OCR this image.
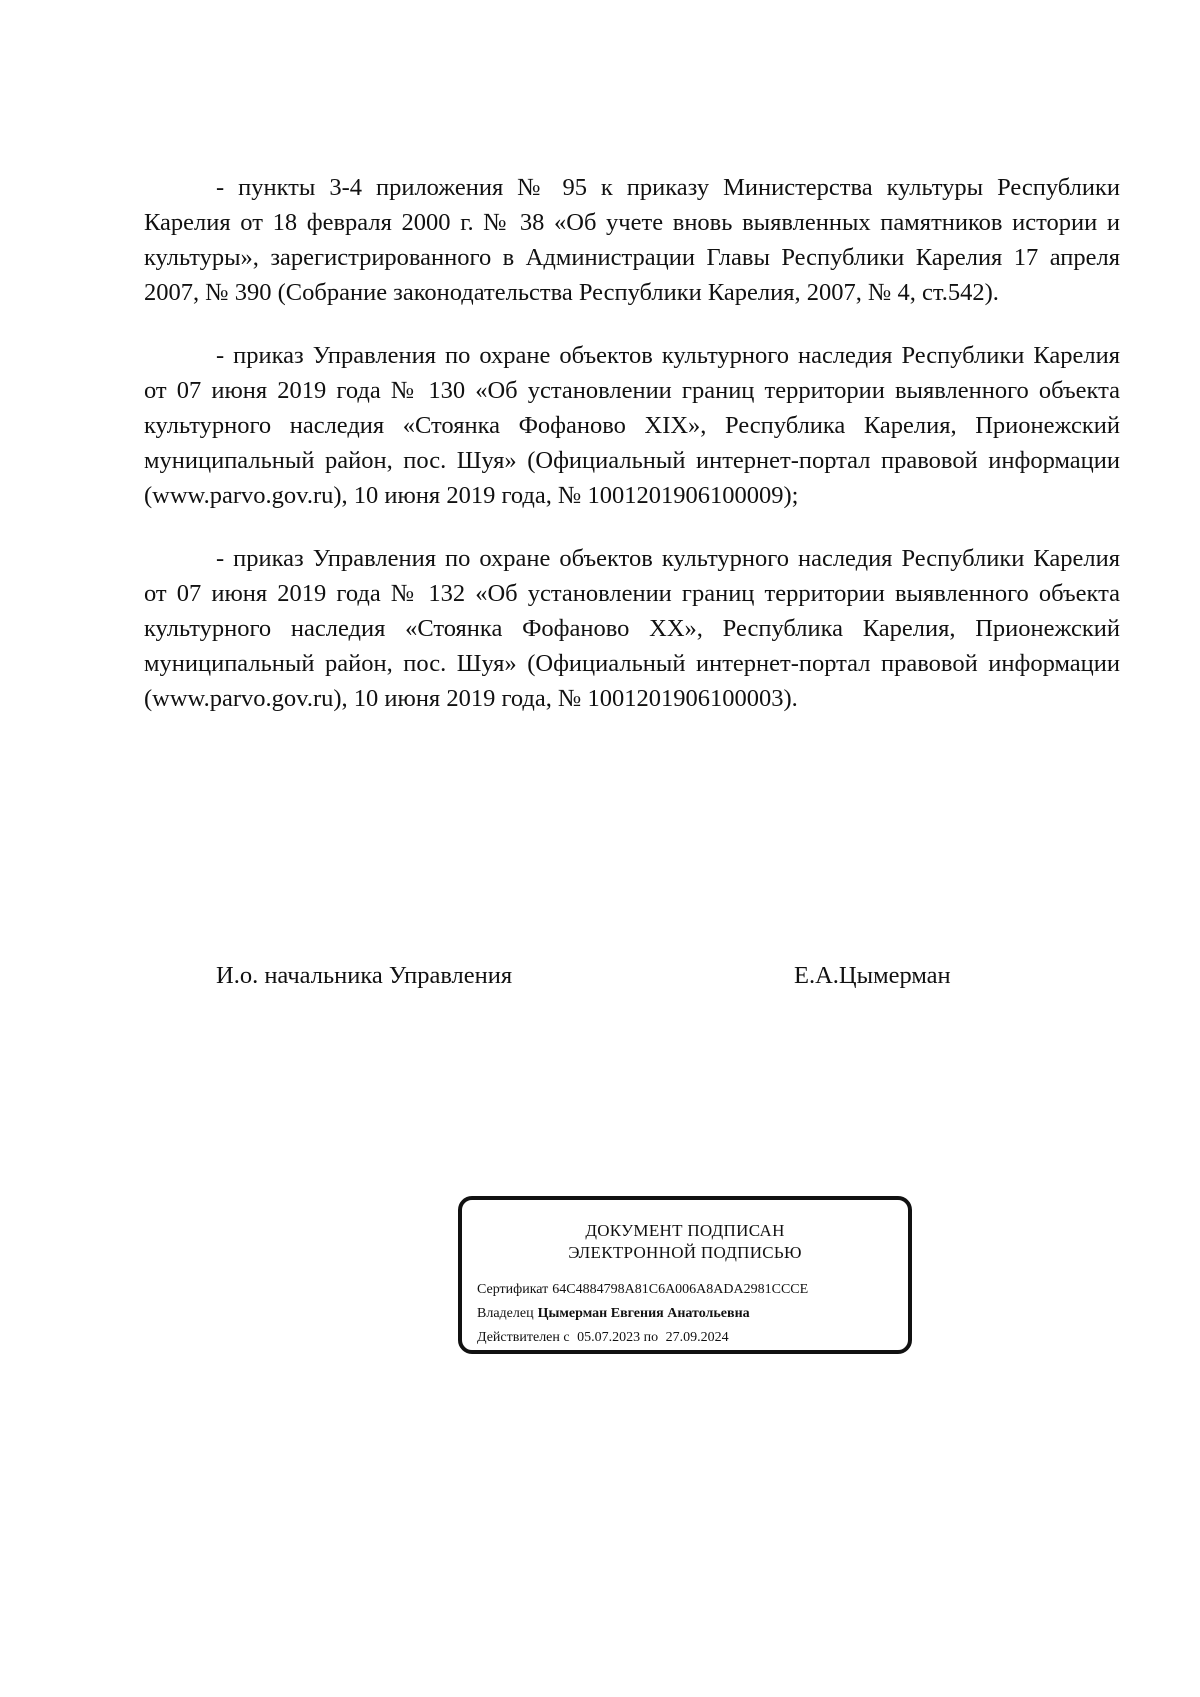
- пункты 3-4 приложения № 95 к приказу Министерства культуры Республики Карелия от 18 февраля 2000 г. № 38 «Об учете вновь выявленных памятников истории и культуры», зарегистрированного в Администрации Главы Республики Карелия 17 апреля 2007, № 390 (Собрание законодательства Республики Карелия, 2007, № 4, ст.542).

- приказ Управления по охране объектов культурного наследия Республики Карелия от 07 июня 2019 года № 130 «Об установлении границ территории выявленного объекта культурного наследия «Стоянка Фофаново XIX», Республика Карелия, Прионежский муниципальный район, пос. Шуя» (Официальный интернет-портал правовой информации (www.parvo.gov.ru), 10 июня 2019 года, № 1001201906100009);

- приказ Управления по охране объектов культурного наследия Республики Карелия от 07 июня 2019 года № 132 «Об установлении границ территории выявленного объекта культурного наследия «Стоянка Фофаново XX», Республика Карелия, Прионежский муниципальный район, пос. Шуя» (Официальный интернет-портал правовой информации (www.parvo.gov.ru), 10 июня 2019 года, № 1001201906100003).

И.о. начальника Управления	Е.А.Цымерман
ДОКУМЕНТ ПОДПИСАН
ЭЛЕКТРОННОЙ ПОДПИСЬЮ
Сертификат 64C4884798A81C6A006A8ADA2981CCCE
Владелец Цымерман Евгения Анатольевна
Действителен с 05.07.2023 по 27.09.2024
